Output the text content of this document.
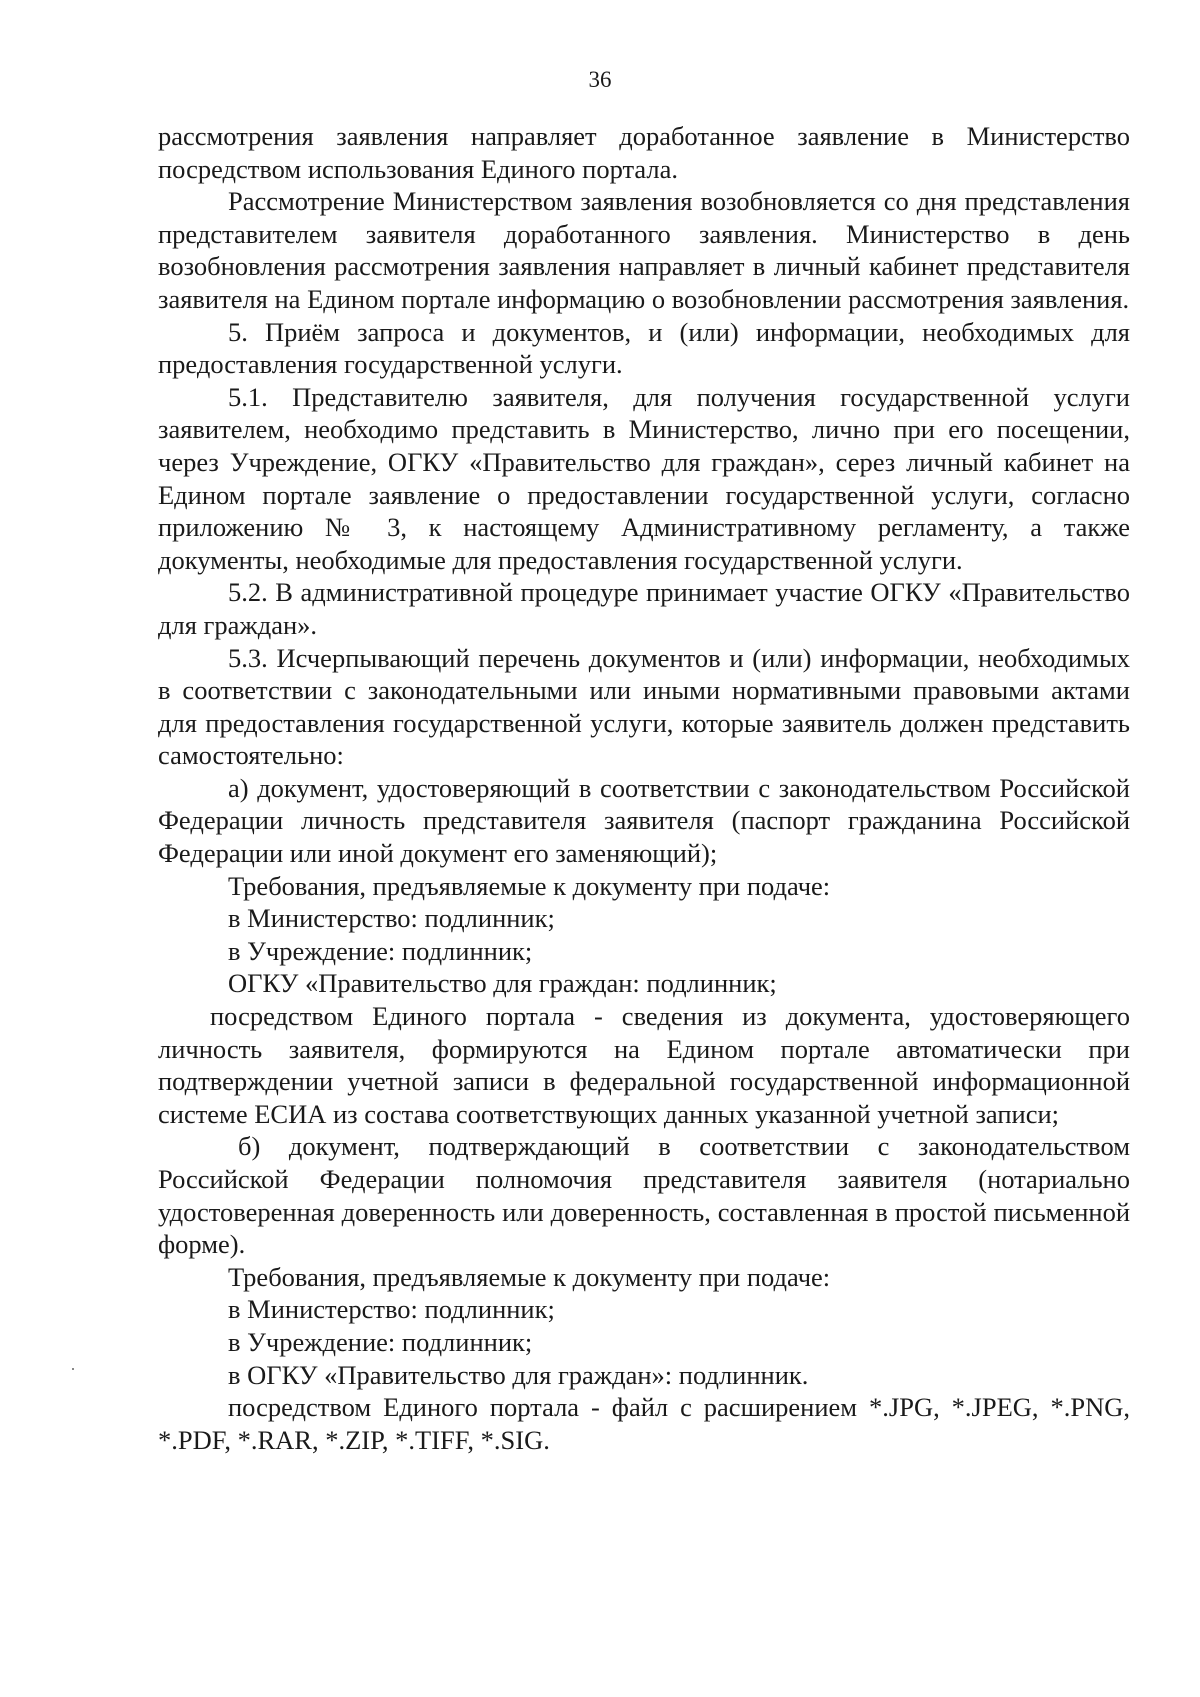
36

рассмотрения заявления направляет доработанное заявление в Министерство посредством использования Единого портала.

Рассмотрение Министерством заявления возобновляется со дня представления представителем заявителя доработанного заявления. Министерство в день возобновления рассмотрения заявления направляет в личный кабинет представителя заявителя на Едином портале информацию о возобновлении рассмотрения заявления.

5. Приём запроса и документов, и (или) информации, необходимых для предоставления государственной услуги.

5.1. Представителю заявителя, для получения государственной услуги заявителем, необходимо представить в Министерство, лично при его посещении, через Учреждение, ОГКУ «Правительство для граждан», серез личный кабинет на Едином портале заявление о предоставлении государственной услуги, согласно приложению № 3, к настоящему Административному регламенту, а также документы, необходимые для предоставления государственной услуги.

5.2. В административной процедуре принимает участие ОГКУ «Правительство для граждан».

5.3. Исчерпывающий перечень документов и (или) информации, необходимых в соответствии с законодательными или иными нормативными правовыми актами для предоставления государственной услуги, которые заявитель должен представить самостоятельно:

а) документ, удостоверяющий в соответствии с законодательством Российской Федерации личность представителя заявителя (паспорт гражданина Российской Федерации или иной документ его заменяющий);

Требования, предъявляемые к документу при подаче:

в Министерство: подлинник;

в Учреждение: подлинник;

ОГКУ «Правительство для граждан: подлинник;

посредством Единого портала - сведения из документа, удостоверяющего личность заявителя, формируются на Едином портале автоматически при подтверждении учетной записи в федеральной государственной информационной системе ЕСИА из состава соответствующих данных указанной учетной записи;

б) документ, подтверждающий в соответствии с законодательством Российской Федерации полномочия представителя заявителя (нотариально удостоверенная доверенность или доверенность, составленная в простой письменной форме).

Требования, предъявляемые к документу при подаче:

в Министерство: подлинник;

в Учреждение: подлинник;

в ОГКУ «Правительство для граждан»: подлинник.

посредством Единого портала - файл с расширением *.JPG, *.JPEG, *.PNG, *.PDF, *.RAR, *.ZIP, *.TIFF, *.SIG.
